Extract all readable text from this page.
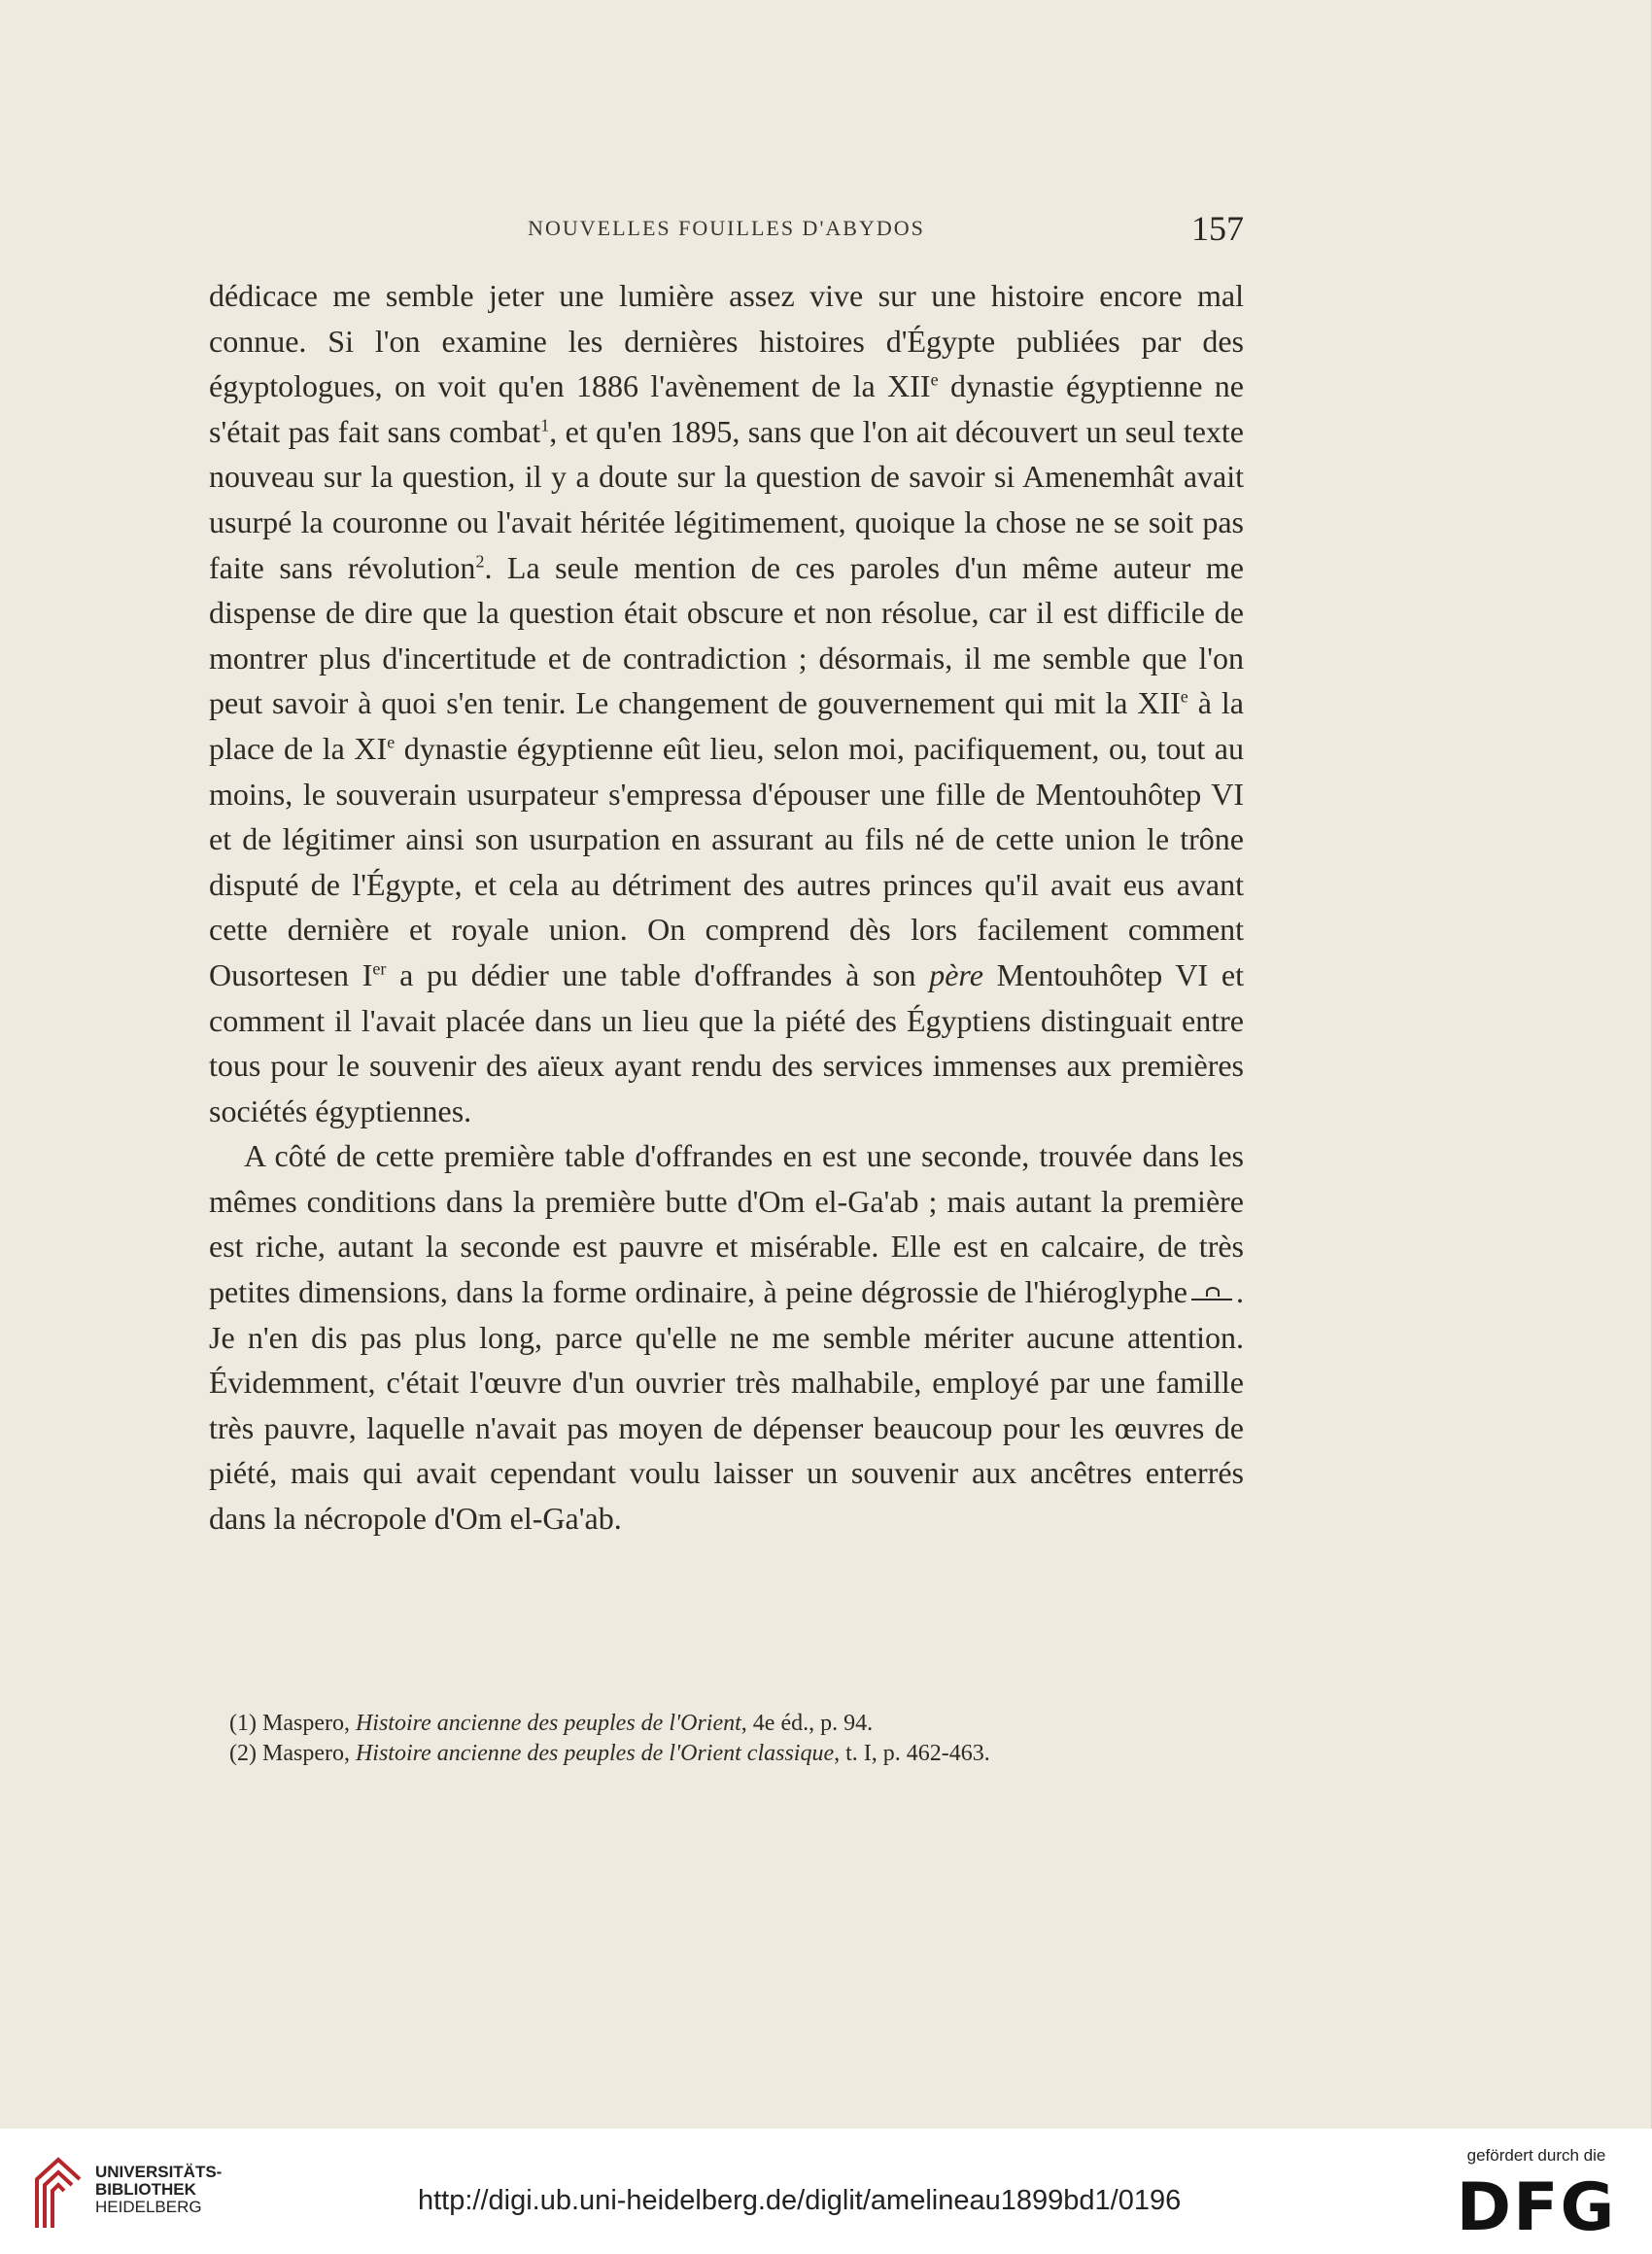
NOUVELLES FOUILLES D'ABYDOS	157

dédicace me semble jeter une lumière assez vive sur une histoire encore mal connue. Si l'on examine les dernières histoires d'Égypte publiées par des égyptologues, on voit qu'en 1886 l'avènement de la XIIe dynastie égyptienne ne s'était pas fait sans combat$^1$, et qu'en 1895, sans que l'on ait découvert un seul texte nouveau sur la question, il y a doute sur la question de savoir si Amenemhât avait usurpé la couronne ou l'avait héritée légitimement, quoique la chose ne se soit pas faite sans révolution$^2$. La seule mention de ces paroles d'un même auteur me dispense de dire que la question était obscure et non résolue, car il est difficile de montrer plus d'incertitude et de contradiction ; désormais, il me semble que l'on peut savoir à quoi s'en tenir. Le changement de gouvernement qui mit la XIIe à la place de la XIe dynastie égyptienne eût lieu, selon moi, pacifiquement, ou, tout au moins, le souverain usurpateur s'empressa d'épouser une fille de Mentouhôtep VI et de légitimer ainsi son usurpation en assurant au fils né de cette union le trône disputé de l'Égypte, et cela au détriment des autres princes qu'il avait eus avant cette dernière et royale union. On comprend dès lors facilement comment Ousortesen Ier a pu dédier une table d'offrandes à son père Mentouhôtep VI et comment il l'avait placée dans un lieu que la piété des Égyptiens distinguait entre tous pour le souvenir des aïeux ayant rendu des services immenses aux premières sociétés égyptiennes.

A côté de cette première table d'offrandes en est une seconde, trouvée dans les mêmes conditions dans la première butte d'Om el-Ga'ab ; mais autant la première est riche, autant la seconde est pauvre et misérable. Elle est en calcaire, de très petites dimensions, dans la forme ordinaire, à peine dégrossie de l'hiéroglyphe . Je n'en dis pas plus long, parce qu'elle ne me semble mériter aucune attention. Évidemment, c'était l'œuvre d'un ouvrier très malhabile, employé par une famille très pauvre, laquelle n'avait pas moyen de dépenser beaucoup pour les œuvres de piété, mais qui avait cependant voulu laisser un souvenir aux ancêtres enterrés dans la nécropole d'Om el-Ga'ab.

(1) Maspero, Histoire ancienne des peuples de l'Orient, 4e éd., p. 94.

(2) Maspero, Histoire ancienne des peuples de l'Orient classique, t. I, p. 462-463.

UNIVERSITÄTS-
BIBLIOTHEK
HEIDELBERG	http://digi.ub.uni-heidelberg.de/diglit/amelineau1899bd1/0196
gefördert durch die
DFG
